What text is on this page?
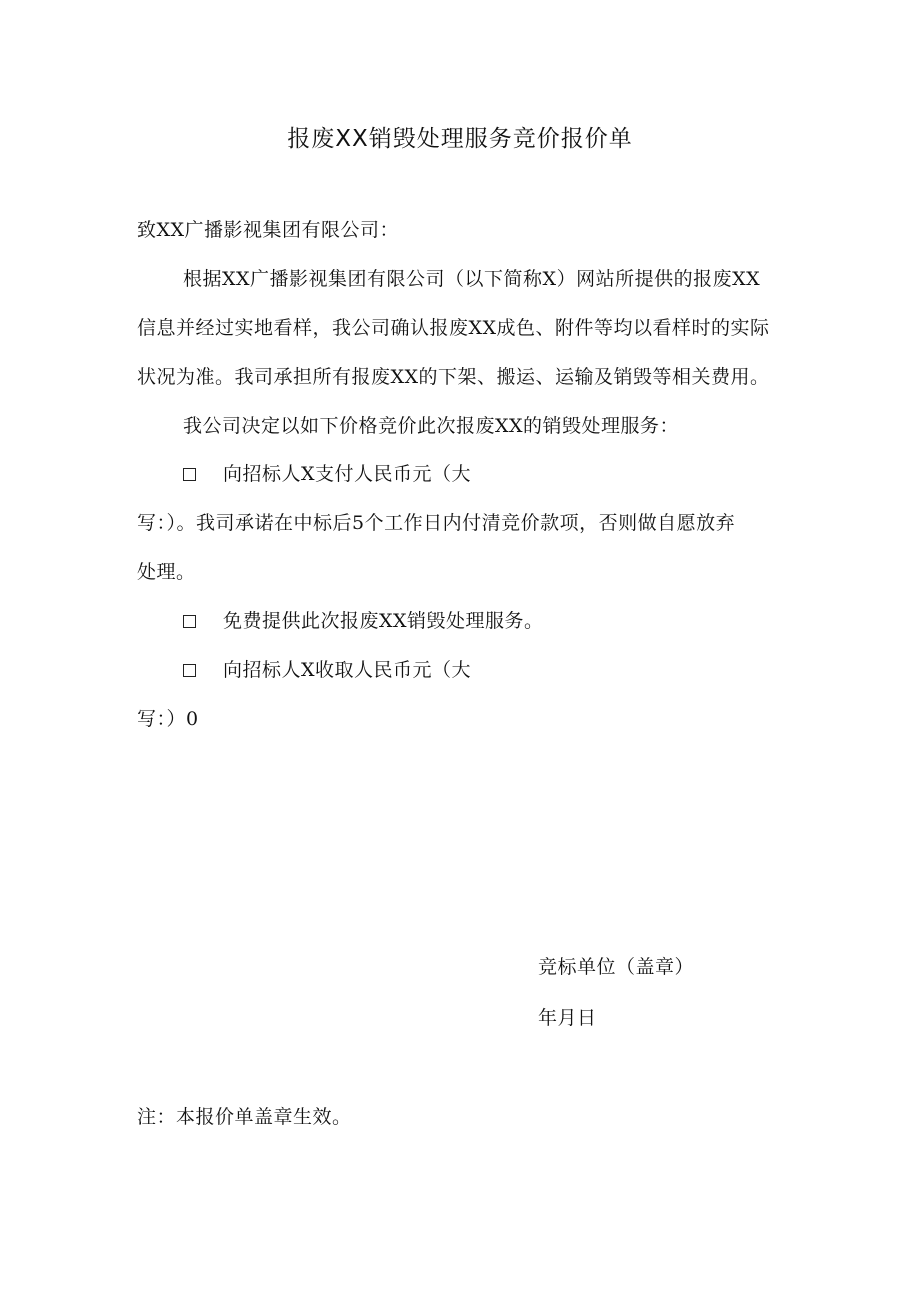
报废XX销毁处理服务竞价报价单
致XX广播影视集团有限公司：
根据XX广播影视集团有限公司（以下简称X）网站所提供的报废XX
信息并经过实地看样，我公司确认报废XX成色、附件等均以看样时的实际
状况为准。我司承担所有报废XX的下架、搬运、运输及销毁等相关费用。
我公司决定以如下价格竞价此次报废XX的销毁处理服务：
向招标人X支付人民币元（大
写：）。我司承诺在中标后5个工作日内付清竞价款项，否则做自愿放弃
处理。
免费提供此次报废XX销毁处理服务。
向招标人X收取人民币元（大
写：）0
竞标单位（盖章）
年月日
注：本报价单盖章生效。
